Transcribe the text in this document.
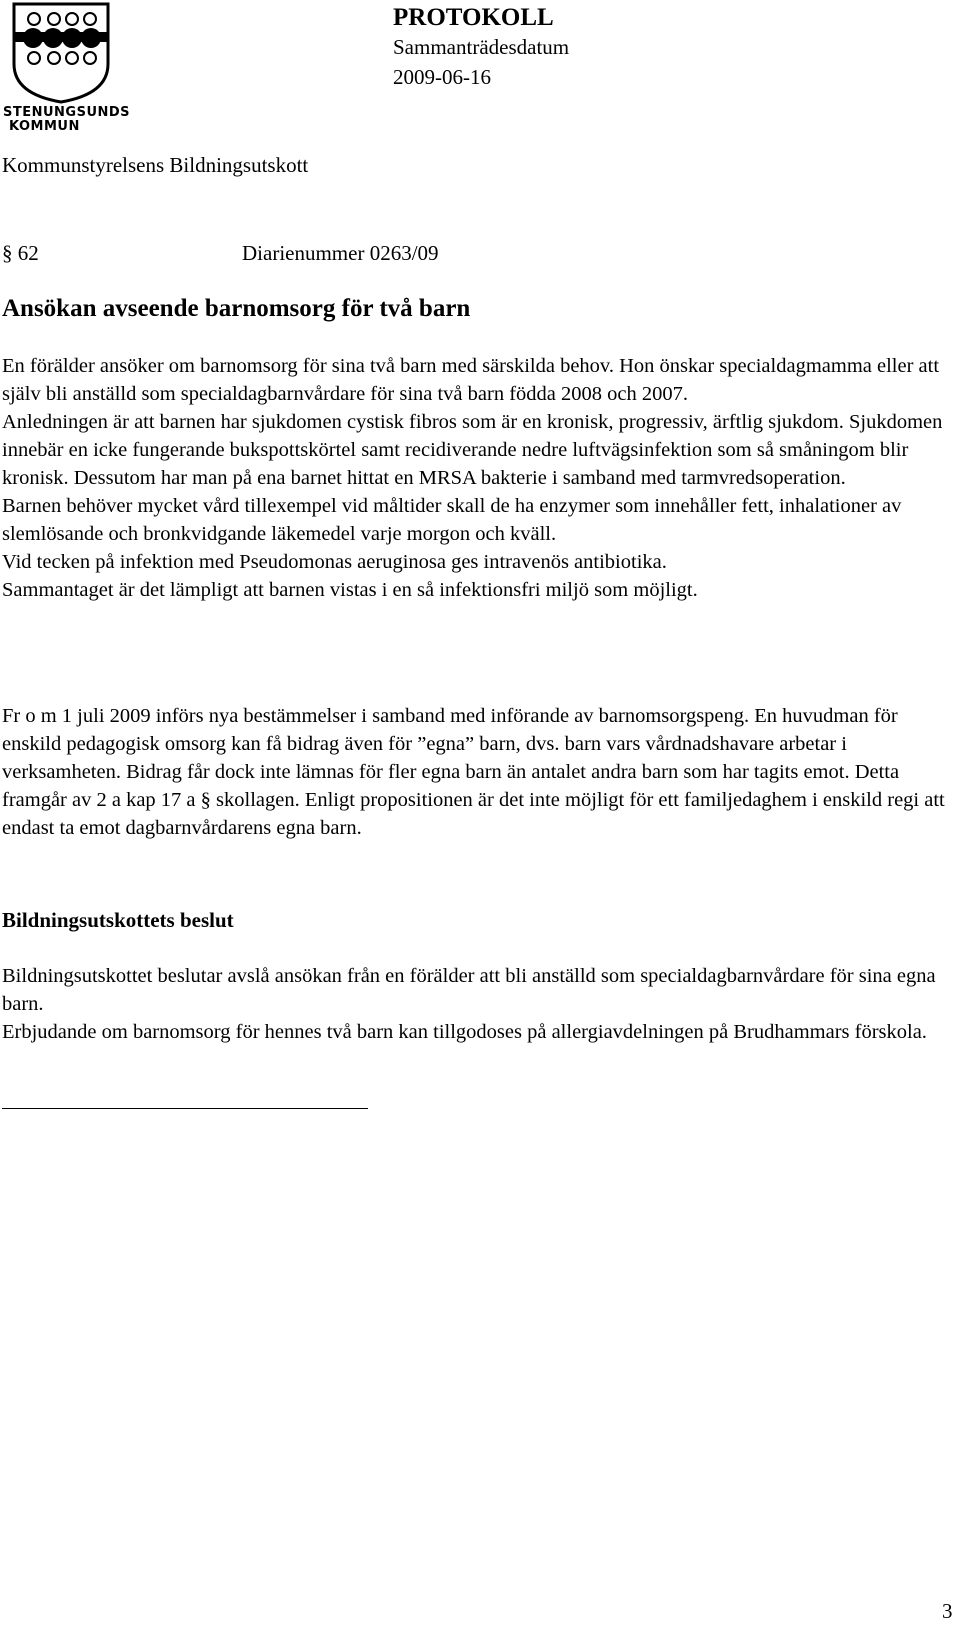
STENUNGSUNDS
KOMMUN
PROTOKOLL
Sammanträdesdatum
2009-06-16
Kommunstyrelsens Bildningsutskott
§ 62	Diarienummer 0263/09
Ansökan avseende barnomsorg för två barn

En förälder ansöker om barnomsorg för sina två barn med särskilda behov. Hon önskar specialdagmamma eller att själv bli anställd som specialdagbarnvårdare för sina två barn födda 2008 och 2007.

Anledningen är att barnen har sjukdomen cystisk fibros som är en kronisk, progressiv, ärftlig sjukdom. Sjukdomen innebär en icke fungerande bukspottskörtel samt recidiverande nedre luftvägsinfektion som så småningom blir kronisk. Dessutom har man på ena barnet hittat en MRSA bakterie i samband med tarmvredsoperation.

Barnen behöver mycket vård tillexempel vid måltider skall de ha enzymer som innehåller fett, inhalationer av slemlösande och bronkvidgande läkemedel varje morgon och kväll.

Vid tecken på infektion med Pseudomonas aeruginosa ges intravenös antibiotika.

Sammantaget är det lämpligt att barnen vistas i en så infektionsfri miljö som möjligt.

Fr o m 1 juli 2009 införs nya bestämmelser i samband med införande av barnomsorgspeng. En huvudman för enskild pedagogisk omsorg kan få bidrag även för ”egna” barn, dvs. barn vars vårdnadshavare arbetar i verksamheten. Bidrag får dock inte lämnas för fler egna barn än antalet andra barn som har tagits emot. Detta framgår av 2 a kap 17 a § skollagen. Enligt propositionen är det inte möjligt för ett familjedaghem i enskild regi att endast ta emot dagbarnvårdarens egna barn.

Bildningsutskottets beslut

Bildningsutskottet beslutar avslå ansökan från en förälder att bli anställd som specialdagbarnvårdare för sina egna barn.

Erbjudande om barnomsorg för hennes två barn kan tillgodoses på allergiavdelningen på Brudhammars förskola.

3
